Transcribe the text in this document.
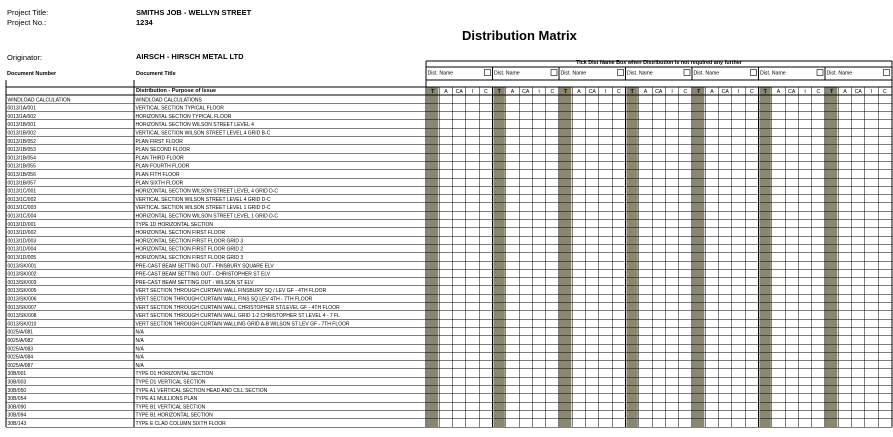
Project Title:	SMITHS JOB - WELLYN STREET
Project No.:	1234
Originator:	AIRSCH - HIRSCH METAL LTD
Distribution Matrix
Tick Dist Name Box when Distribution is not required any further
Document Number	Document Title
Distribution - Purpose of Issue
Dist. Name	Dist. Name	Dist. Name	Dist. Name	Dist. Name	Dist. Name	Dist. Name
T A CA I C T A CA I C T A CA I C T A CA I C T A CA I C T A CA I C T A CA I C
WINDLOAD CALCULATION	WINDLOAD CALCULATIONS
0013/1A/001	VERTICAL SECTION TYPICAL FLOOR
0013/1A/002	HORIZONTAL SECTION TYPICAL FLOOR
0013/1B/001	HORIZONTAL SECTION WILSON STREET LEVEL 4
0013/1B/002	VERTICAL SECTION WILSON STREET LEVEL 4 GRID B-C
0013/1B/052	PLAN FIRST FLOOR
0013/1B/053	PLAN SECOND FLOOR
0013/1B/054	PLAN THIRD FLOOR
0013/1B/055	PLAN FOURTH FLOOR
0013/1B/056	PLAN FITH FLOOR
0013/1B/057	PLAN SIXTH FLOOR
0013/1C/001	HORIZONTAL SECTION WILSON STREET LEVEL 4 GRID D-C
0013/1C/002	VERTICAL SECTION WILSON STREET LEVEL 4 GRID D-C
0013/1C/003	VERTICAL SECTION WILSON STREET LEVEL 1 GRID D-C
0013/1C/004	HORIZONTAL SECTION WILSON STREET LEVEL 1 GRID D-C
0013/1D/001	TYPE 1D HORIZONTAL SECTION
0013/1D/002	HORIZONTAL SECTION FIRST FLOOR
0013/1D/003	HORIZONTAL SECTION FIRST FLOOR GRID 3
0013/1D/004	HORIZONTAL SECTION FIRST FLOOR GRID 2
0013/1D/005	HORIZONTAL SECTION FIRST FLOOR GRID 3
0013/SK/001	PRE-CAST BEAM SETTING OUT - FINSBURY SQUARE ELV
0013/SK/002	PRE-CAST BEAM SETTING OUT - CHRISTOPHER ST ELV
0013/SK/003	PRE-CAST BEAM SETTING OUT - WILSON ST ELV
0013/SK/005	VERT SECTION THROUGH CURTAIN WALL FINSBURY SQ / LEV GF - 4TH FLOOR
0013/SK/006	VERT SECTION THROUGH CURTAIN WALL FINS SQ LEV 4TH - 7TH FLOOR
0013/SK/007	VERT SECTION THROUGH CURTAIN WALL CHRISTOPHER ST/LEVEL GF - 4TH FLOOR
0013/SK/008	VERT SECTION THROUGH CURTAIN WALL GRID 1-2 CHRISTOPHER ST LEVEL 4 - 7 FL
0013/SK/010	VERT SECTION THROUGH CURTAIN WALLING GRID A-B WILSON ST LEV GF - 7TH FLOOR
0025/A/081	N/A
0025/A/082	N/A
0025/A/083	N/A
0025/A/084	N/A
0025/A/087	N/A
30B/001	TYPE D1 HORIZONTAL SECTION
30B/003	TYPE D1 VERTICAL SECTION
30B/050	TYPE A1 VERTICAL SECTION HEAD AND CILL SECTION
30B/054	TYPE A1 MULLIONS PLAN
30B/090	TYPE B1 VERTICAL SECTION
30B/094	TYPE B1 HORIZONTAL SECTION
30B/143	TYPE E CLAD COLUMN SIXTH FLOOR
